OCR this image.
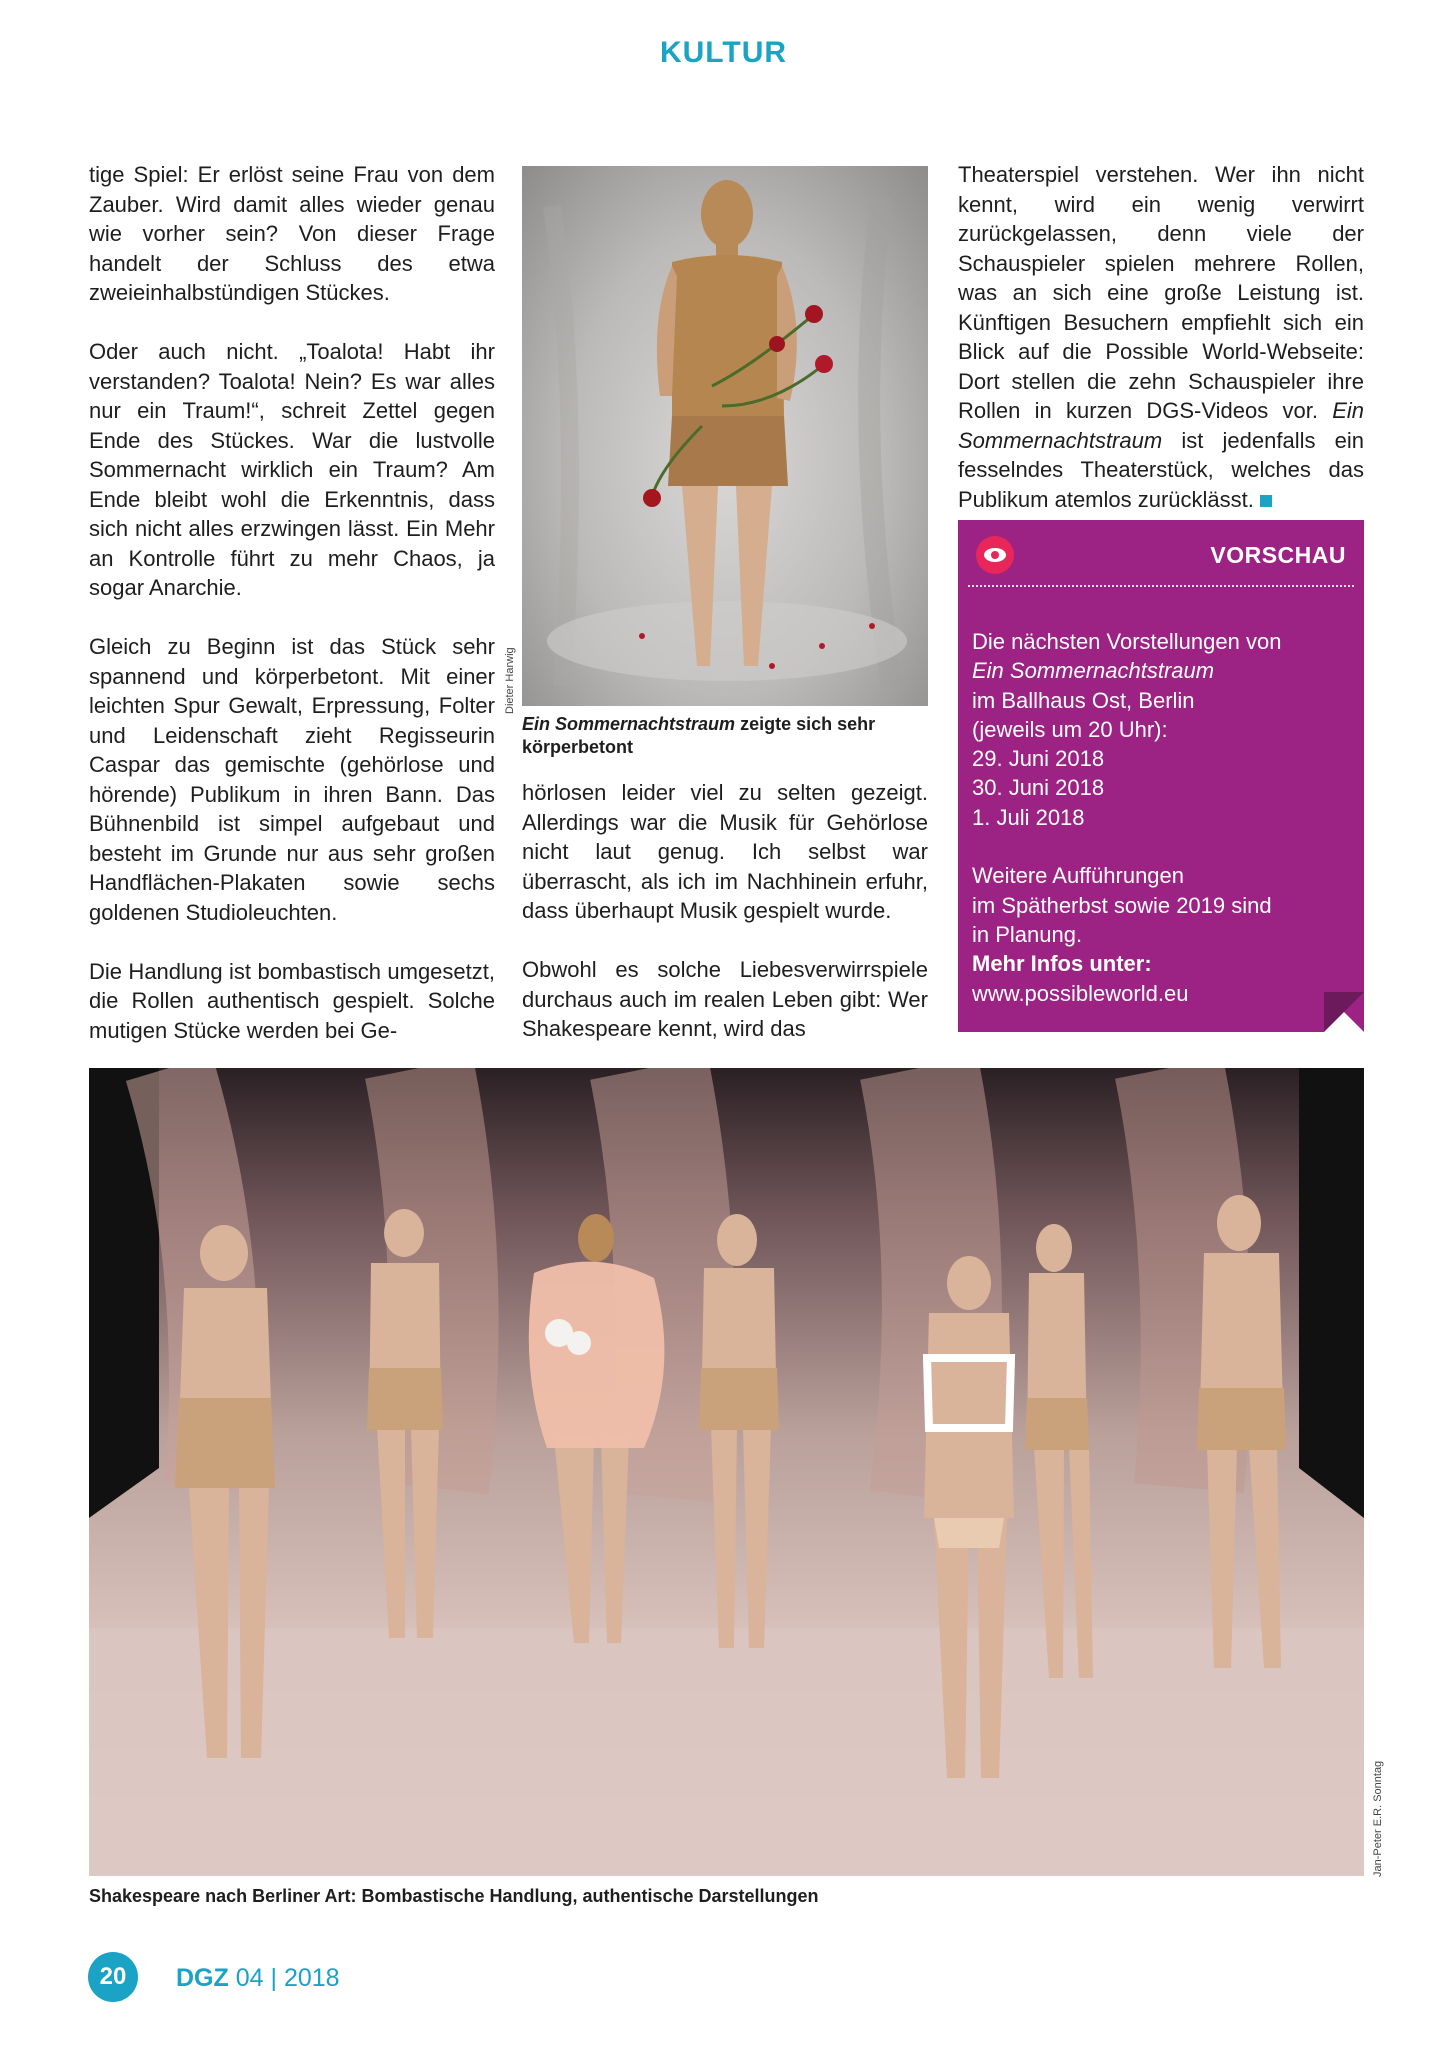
KULTUR

tige Spiel: Er erlöst seine Frau von dem Zauber. Wird damit alles wieder genau wie vorher sein? Von dieser Frage handelt der Schluss des etwa zweieinhalbstündigen Stückes.

Oder auch nicht. „Toalota! Habt ihr verstanden? Toalota! Nein? Es war alles nur ein Traum!“, schreit Zettel gegen Ende des Stückes. War die lustvolle Sommernacht wirklich ein Traum? Am Ende bleibt wohl die Erkenntnis, dass sich nicht alles erzwingen lässt. Ein Mehr an Kontrolle führt zu mehr Chaos, ja sogar Anarchie.

Gleich zu Beginn ist das Stück sehr spannend und körperbetont. Mit einer leichten Spur Gewalt, Erpressung, Folter und Leidenschaft zieht Regisseurin Caspar das gemischte (gehörlose und hörende) Publikum in ihren Bann. Das Bühnenbild ist simpel aufgebaut und besteht im Grunde nur aus sehr großen Handflächen-Plakaten sowie sechs goldenen Studioleuchten.

Die Handlung ist bombastisch umgesetzt, die Rollen authentisch gespielt. Solche mutigen Stücke werden bei Ge-

Dieter Harwig
Ein Sommernachtstraum zeigte sich sehr körperbetont

hörlosen leider viel zu selten gezeigt. Allerdings war die Musik für Gehörlose nicht laut genug. Ich selbst war überrascht, als ich im Nachhinein erfuhr, dass überhaupt Musik gespielt wurde.

Obwohl es solche Liebesverwirrspiele durchaus auch im realen Leben gibt: Wer Shakespeare kennt, wird das

Theaterspiel verstehen. Wer ihn nicht kennt, wird ein wenig verwirrt zurückgelassen, denn viele der Schauspieler spielen mehrere Rollen, was an sich eine große Leistung ist. Künftigen Besuchern empfiehlt sich ein Blick auf die Possible World-Webseite: Dort stellen die zehn Schauspieler ihre Rollen in kurzen DGS-Videos vor. Ein Sommernachtstraum ist jedenfalls ein fesselndes Theaterstück, welches das Publikum atemlos zurücklässt.

VORSCHAU
Die nächsten Vorstellungen von
Ein Sommernachtstraum
im Ballhaus Ost, Berlin
(jeweils um 20 Uhr):
29. Juni 2018
30. Juni 2018
1. Juli 2018

Weitere Aufführungen
im Spätherbst sowie 2019 sind
in Planung.
Mehr Infos unter:
www.possibleworld.eu
Jan-Peter E.R. Sonntag
Shakespeare nach Berliner Art: Bombastische Handlung, authentische Darstellungen
20	DGZ 04 | 2018
